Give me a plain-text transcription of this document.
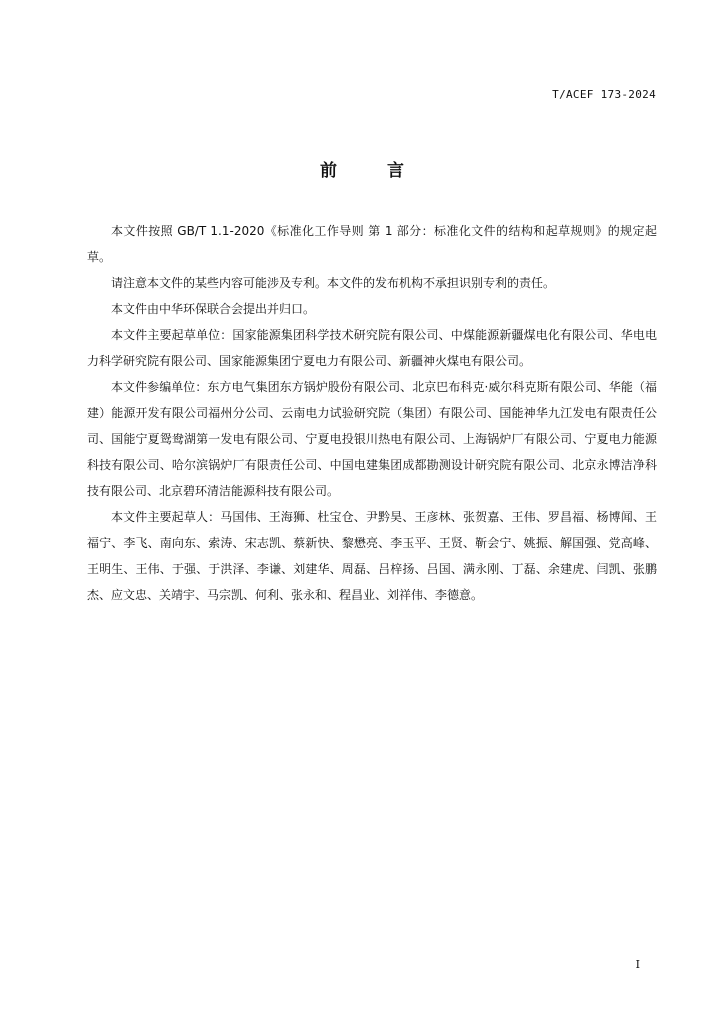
T/ACEF 173-2024
前 言

本文件按照 GB/T 1.1-2020《标准化工作导则 第 1 部分：标准化文件的结构和起草规则》的规定起草。

请注意本文件的某些内容可能涉及专利。本文件的发布机构不承担识别专利的责任。

本文件由中华环保联合会提出并归口。

本文件主要起草单位：国家能源集团科学技术研究院有限公司、中煤能源新疆煤电化有限公司、华电电力科学研究院有限公司、国家能源集团宁夏电力有限公司、新疆神火煤电有限公司。

本文件参编单位：东方电气集团东方锅炉股份有限公司、北京巴布科克·威尔科克斯有限公司、华能（福建）能源开发有限公司福州分公司、云南电力试验研究院（集团）有限公司、国能神华九江发电有限责任公司、国能宁夏鸳鸯湖第一发电有限公司、宁夏电投银川热电有限公司、上海锅炉厂有限公司、宁夏电力能源科技有限公司、哈尔滨锅炉厂有限责任公司、中国电建集团成都勘测设计研究院有限公司、北京永博洁净科技有限公司、北京碧环清洁能源科技有限公司。

本文件主要起草人：马国伟、王海狮、杜宝仓、尹黔昊、王彦林、张贺嘉、王伟、罗昌福、杨博闻、王福宁、李飞、南向东、索涛、宋志凯、蔡新快、黎懋亮、李玉平、王贤、靳会宁、姚振、解国强、党高峰、王明生、王伟、于强、于洪泽、李谦、刘建华、周磊、吕梓扬、吕国、满永刚、丁磊、余建虎、闫凯、张鹏杰、应文忠、关靖宇、马宗凯、何利、张永和、程昌业、刘祥伟、李德意。

I
